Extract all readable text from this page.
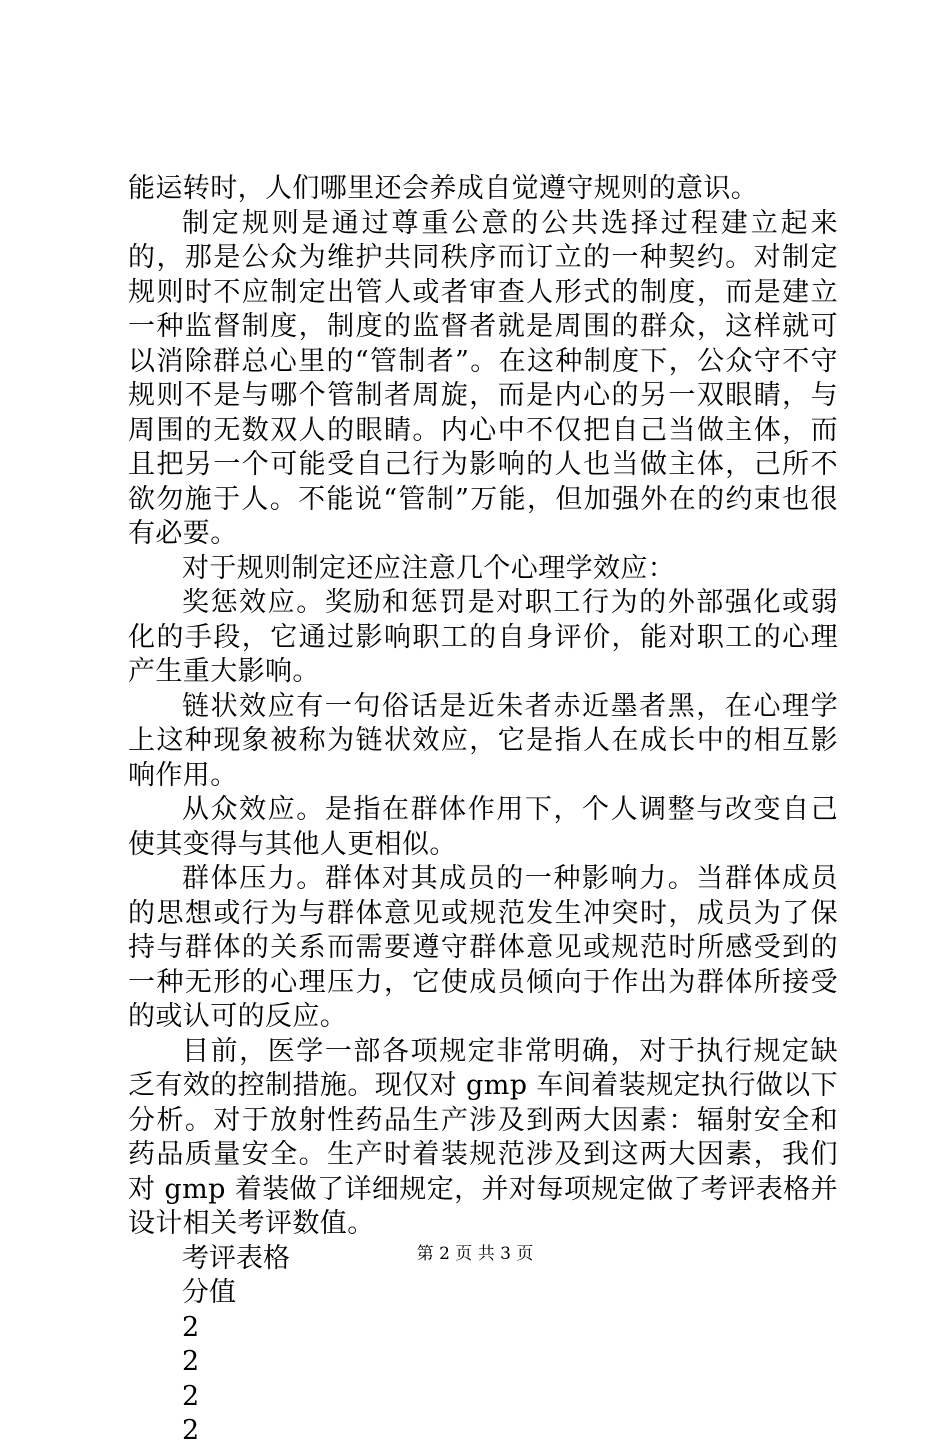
能运转时，人们哪里还会养成自觉遵守规则的意识。

制定规则是通过尊重公意的公共选择过程建立起来的，那是公众为维护共同秩序而订立的一种契约。对制定规则时不应制定出管人或者审查人形式的制度，而是建立一种监督制度，制度的监督者就是周围的群众，这样就可以消除群总心里的“管制者”。在这种制度下，公众守不守规则不是与哪个管制者周旋，而是内心的另一双眼睛，与周围的无数双人的眼睛。内心中不仅把自己当做主体，而且把另一个可能受自己行为影响的人也当做主体，己所不欲勿施于人。不能说“管制”万能，但加强外在的约束也很有必要。

对于规则制定还应注意几个心理学效应：

奖惩效应。奖励和惩罚是对职工行为的外部强化或弱化的手段，它通过影响职工的自身评价，能对职工的心理产生重大影响。

链状效应有一句俗话是近朱者赤近墨者黑，在心理学上这种现象被称为链状效应，它是指人在成长中的相互影响作用。

从众效应。是指在群体作用下，个人调整与改变自己使其变得与其他人更相似。

群体压力。群体对其成员的一种影响力。当群体成员的思想或行为与群体意见或规范发生冲突时，成员为了保持与群体的关系而需要遵守群体意见或规范时所感受到的一种无形的心理压力，它使成员倾向于作出为群体所接受的或认可的反应。

目前，医学一部各项规定非常明确，对于执行规定缺乏有效的控制措施。现仅对 gmp 车间着装规定执行做以下分析。对于放射性药品生产涉及到两大因素：辐射安全和药品质量安全。生产时着装规范涉及到这两大因素，我们对 gmp 着装做了详细规定，并对每项规定做了考评表格并设计相关考评数值。

考评表格

分值

2

2

2

2

第 2 页 共 3 页
